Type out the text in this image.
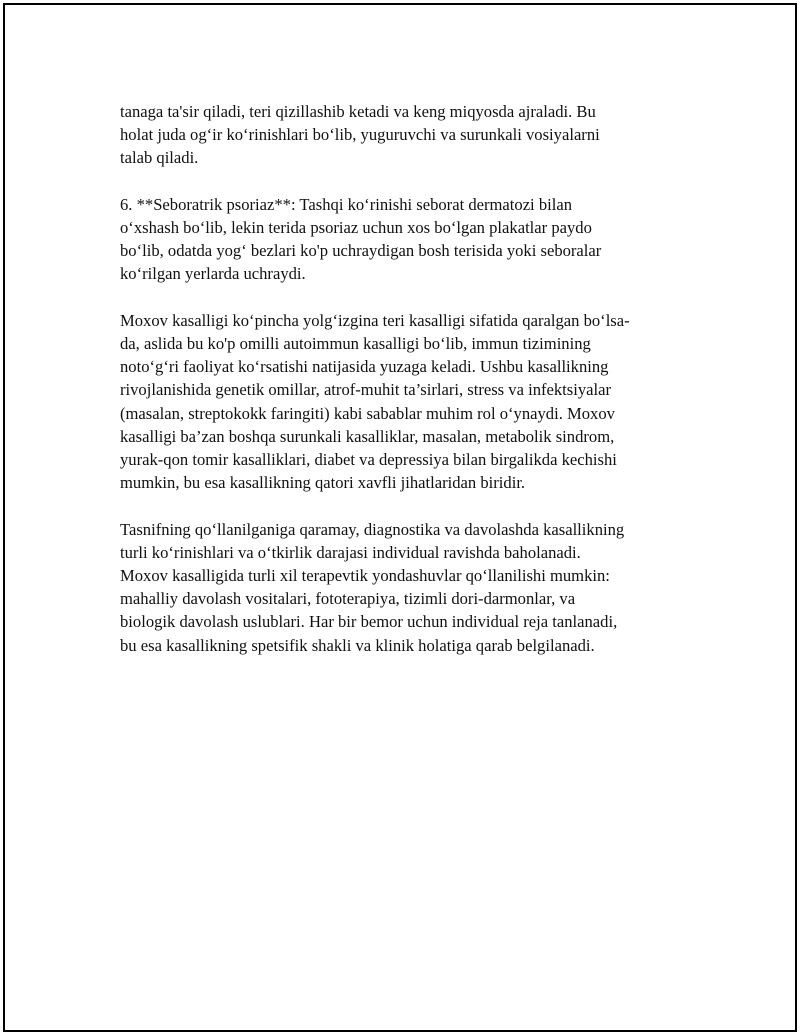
tanaga ta'sir qiladi, teri qizillashib ketadi va keng miqyosda ajraladi. Bu
holat juda og‘ir ko‘rinishlari bo‘lib, yuguruvchi va surunkali vosiyalarni
talab qiladi.

6. **Seboratrik psoriaz**: Tashqi ko‘rinishi seborat dermatozi bilan
o‘xshash bo‘lib, lekin terida psoriaz uchun xos bo‘lgan plakatlar paydo
bo‘lib, odatda yog‘ bezlari ko'p uchraydigan bosh terisida yoki seboralar
ko‘rilgan yerlarda uchraydi.

Moxov kasalligi ko‘pincha yolg‘izgina teri kasalligi sifatida qaralgan bo‘lsa-
da, aslida bu ko'p omilli autoimmun kasalligi bo‘lib, immun tizimining
noto‘g‘ri faoliyat ko‘rsatishi natijasida yuzaga keladi. Ushbu kasallikning
rivojlanishida genetik omillar, atrof-muhit ta’sirlari, stress va infektsiyalar
(masalan, streptokokk faringiti) kabi sabablar muhim rol o‘ynaydi. Moxov
kasalligi ba’zan boshqa surunkali kasalliklar, masalan, metabolik sindrom,
yurak-qon tomir kasalliklari, diabet va depressiya bilan birgalikda kechishi
mumkin, bu esa kasallikning qatori xavfli jihatlaridan biridir.

Tasnifning qo‘llanilganiga qaramay, diagnostika va davolashda kasallikning
turli ko‘rinishlari va o‘tkirlik darajasi individual ravishda baholanadi.
Moxov kasalligida turli xil terapevtik yondashuvlar qo‘llanilishi mumkin:
mahalliy davolash vositalari, fototerapiya, tizimli dori-darmonlar, va
biologik davolash uslublari. Har bir bemor uchun individual reja tanlanadi,
bu esa kasallikning spetsifik shakli va klinik holatiga qarab belgilanadi.
